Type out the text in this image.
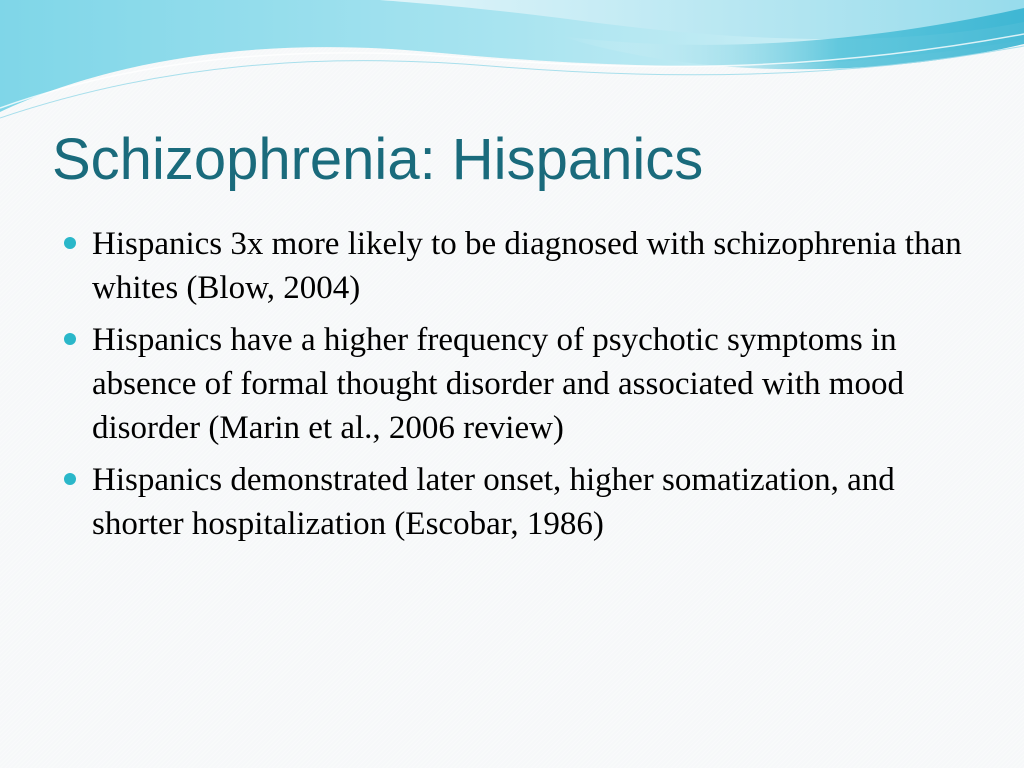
Schizophrenia: Hispanics
Hispanics 3x more likely to be diagnosed with schizophrenia than whites (Blow, 2004)
Hispanics have a higher frequency of psychotic symptoms in absence of formal thought disorder and associated with mood disorder (Marin et al., 2006 review)
Hispanics demonstrated later onset, higher somatization, and shorter hospitalization (Escobar, 1986)
